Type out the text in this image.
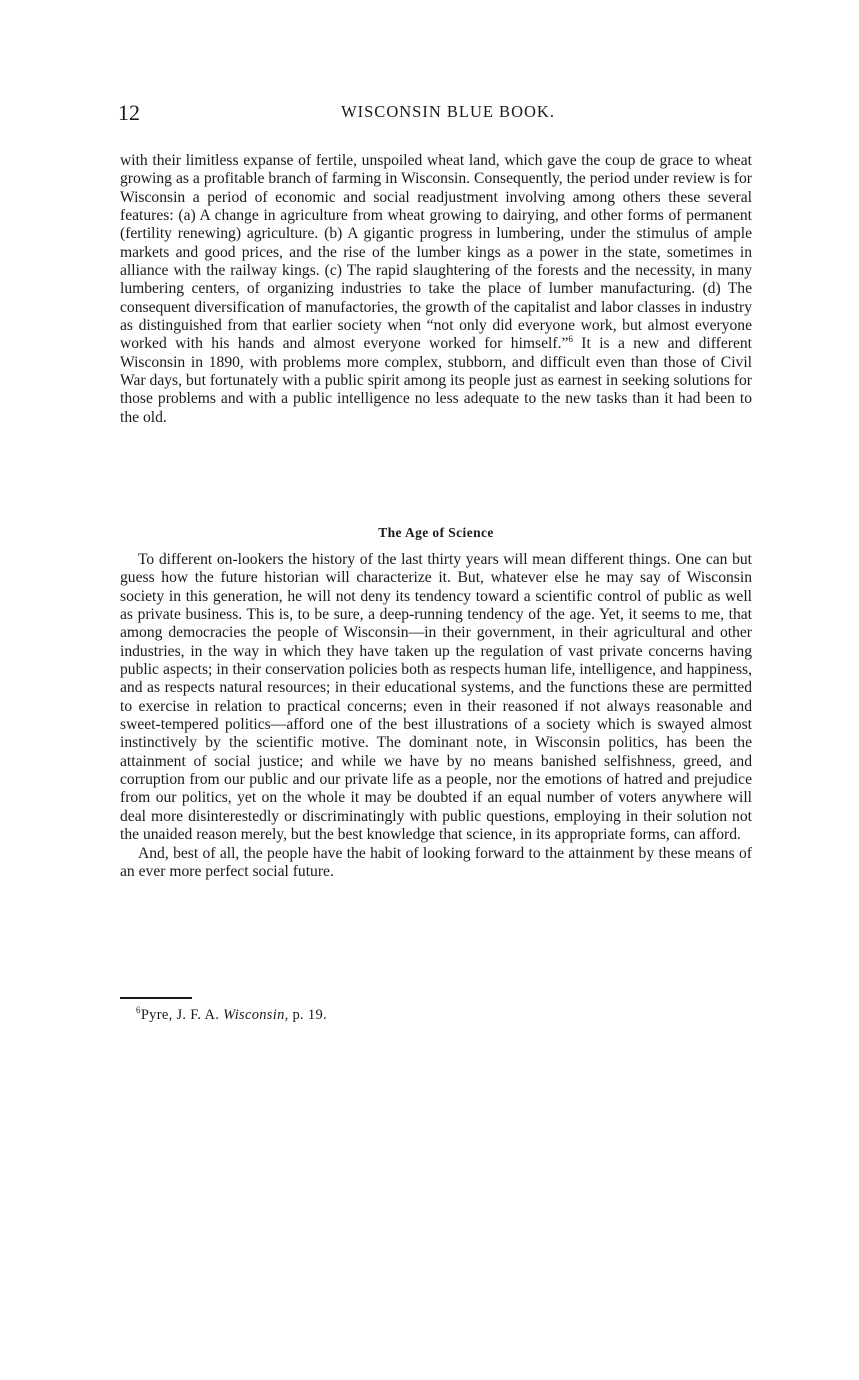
12	WISCONSIN BLUE BOOK.

with their limitless expanse of fertile, unspoiled wheat land, which gave the coup de grace to wheat growing as a profitable branch of farming in Wisconsin. Consequently, the period under review is for Wisconsin a period of economic and social readjustment involving among others these several features: (a) A change in agriculture from wheat growing to dairying, and other forms of permanent (fertility renewing) agriculture. (b) A gigantic progress in lumbering, under the stimulus of ample markets and good prices, and the rise of the lumber kings as a power in the state, sometimes in alliance with the railway kings. (c) The rapid slaughtering of the forests and the necessity, in many lumbering centers, of organizing industries to take the place of lumber manufacturing. (d) The consequent diversification of manufactories, the growth of the capitalist and labor classes in industry as distinguished from that earlier society when “not only did everyone work, but almost everyone worked with his hands and almost everyone worked for himself.”$^6$ It is a new and different Wisconsin in 1890, with problems more complex, stubborn, and difficult even than those of Civil War days, but fortunately with a public spirit among its people just as earnest in seeking solutions for those problems and with a public intelligence no less adequate to the new tasks than it had been to the old.

The Age of Science

To different on-lookers the history of the last thirty years will mean different things. One can but guess how the future historian will characterize it. But, whatever else he may say of Wisconsin society in this generation, he will not deny its tendency toward a scientific control of public as well as private business. This is, to be sure, a deep-running tendency of the age. Yet, it seems to me, that among democracies the people of Wisconsin—in their government, in their agricultural and other industries, in the way in which they have taken up the regulation of vast private concerns having public aspects; in their conservation policies both as respects human life, intelligence, and happiness, and as respects natural resources; in their educational systems, and the functions these are permitted to exercise in relation to practical concerns; even in their reasoned if not always reasonable and sweet-tempered politics—afford one of the best illustrations of a society which is swayed almost instinctively by the scientific motive. The dominant note, in Wisconsin politics, has been the attainment of social justice; and while we have by no means banished selfishness, greed, and corruption from our public and our private life as a people, nor the emotions of hatred and prejudice from our politics, yet on the whole it may be doubted if an equal number of voters anywhere will deal more disinterestedly or discriminatingly with public questions, employing in their solution not the unaided reason merely, but the best knowledge that science, in its appropriate forms, can afford.

And, best of all, the people have the habit of looking forward to the attainment by these means of an ever more perfect social future.

$^6$Pyre, J. F. A. Wisconsin, p. 19.
